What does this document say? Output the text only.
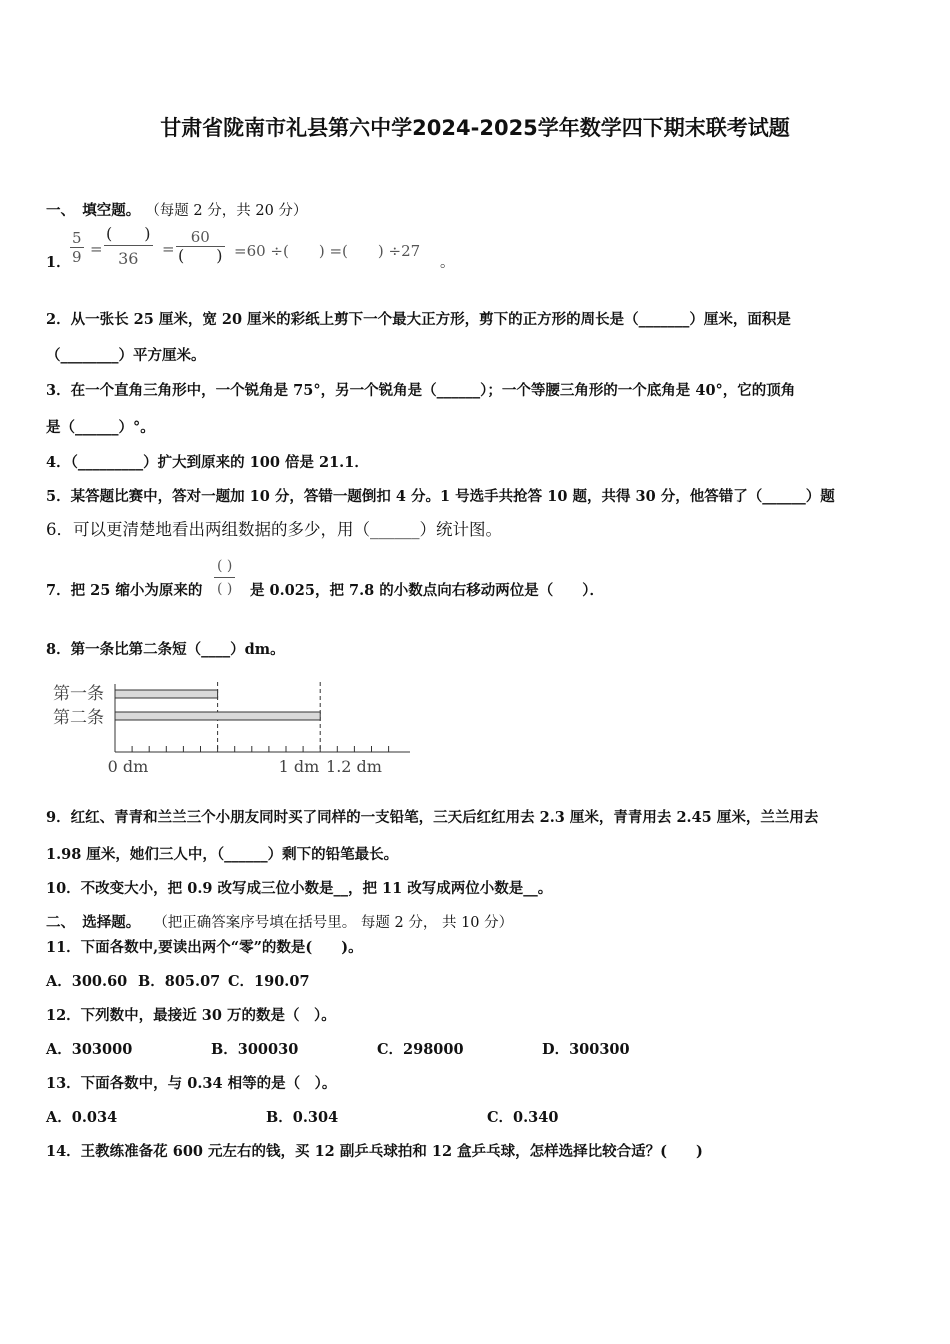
甘肃省陇南市礼县第六中学2024-2025学年数学四下期末联考试题
一、　填空题。 （每题 2 分，共 20 分）
1． $\frac{5}{9}$ =
(　　)
36	=
60
(　　) =60 ÷(　　) =(　　) ÷27
。
2．从一张长 25 厘米，宽 20 厘米的彩纸上剪下一个最大正方形，剪下的正方形的周长是（_______）厘米，面积是
（________）平方厘米。
3．在一个直角三角形中，一个锐角是 75°，另一个锐角是（______）；一个等腰三角形的一个底角是 40°，它的顶角
是（______）°。
4．（_________）扩大到原来的 100 倍是 21.1．
5．某答题比赛中，答对一题加 10 分，答错一题倒扣 4 分。1 号选手共抢答 10 题，共得 30 分，他答错了（______）题
6．可以更清楚地看出两组数据的多少，用（______）统计图。
7．把 25 缩小为原来的
( )
( ) 是 0.025，把 7.8 的小数点向右移动两位是（　　）．
8．第一条比第二条短（____）dm。
第一条
第二条
0 dm	1 dm 1.2 dm
9．红红、青青和兰兰三个小朋友同时买了同样的一支铅笔，三天后红红用去 2.3 厘米，青青用去 2.45 厘米，兰兰用去
1.98 厘米，她们三人中，（______）剩下的铅笔最长。
10．不改变大小，把 0.9 改写成三位小数是__，把 11 改写成两位小数是__。
二、　选择题。 （把正确答案序号填在括号里。 每题 2 分， 共 10 分）
11．下面各数中,要读出两个“零”的数是(　　)。
A．300.60 B．805.07 C．190.07
12．下列数中，最接近 30 万的数是（　）。
A．303000	B．300030	C．298000	D．300300
13．下面各数中，与 0.34 相等的是（　）。
A．0.034	B．0.304	C．0.340
14．王教练准备花 600 元左右的钱，买 12 副乒乓球拍和 12 盒乒乓球，怎样选择比较合适？(　　)
